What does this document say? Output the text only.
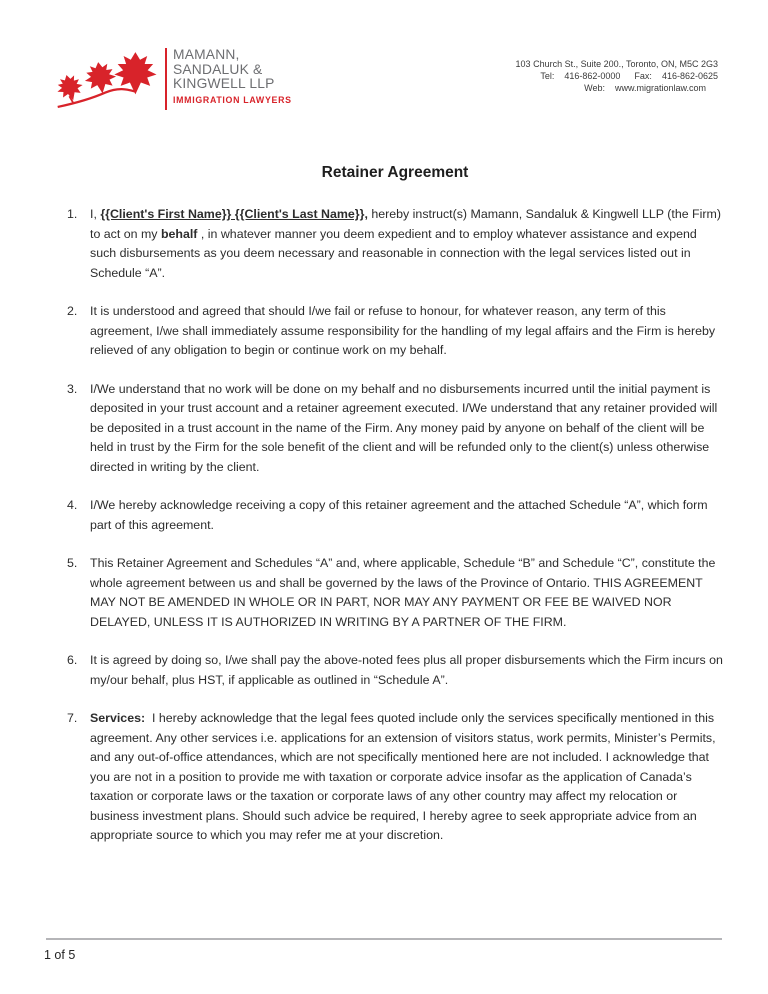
MAMANN,
SANDALUK &
KINGWELL LLP
IMMIGRATION LAWYERS
103 Church St., Suite 200., Toronto, ON, M5C 2G3
Tel: 416-862-0000 Fax: 416-862-0625
Web: www.migrationlaw.com
Retainer Agreement
1.	I, {{Client's First Name}} {{Client's Last Name}}, hereby instruct(s) Mamann, Sandaluk & Kingwell LLP (the Firm) to act on my behalf , in whatever manner you deem expedient and to employ whatever assistance and expend such disbursements as you deem necessary and reasonable in connection with the legal services listed out in Schedule “A”.

2.	It is understood and agreed that should I/we fail or refuse to honour, for whatever reason, any term of this agreement, I/we shall immediately assume responsibility for the handling of my legal affairs and the Firm is hereby relieved of any obligation to begin or continue work on my behalf.

3.	I/We understand that no work will be done on my behalf and no disbursements incurred until the initial payment is deposited in your trust account and a retainer agreement executed. I/We understand that any retainer provided will be deposited in a trust account in the name of the Firm. Any money paid by anyone on behalf of the client will be held in trust by the Firm for the sole benefit of the client and will be refunded only to the client(s) unless otherwise directed in writing by the client.

4.	I/We hereby acknowledge receiving a copy of this retainer agreement and the attached Schedule “A”, which form part of this agreement.

5.	This Retainer Agreement and Schedules “A” and, where applicable, Schedule “B” and Schedule “C”, constitute the whole agreement between us and shall be governed by the laws of the Province of Ontario. THIS AGREEMENT MAY NOT BE AMENDED IN WHOLE OR IN PART, NOR MAY ANY PAYMENT OR FEE BE WAIVED NOR DELAYED, UNLESS IT IS AUTHORIZED IN WRITING BY A PARTNER OF THE FIRM.

6.	It is agreed by doing so, I/we shall pay the above-noted fees plus all proper disbursements which the Firm incurs on my/our behalf, plus HST, if applicable as outlined in “Schedule A”.

7.	Services:  I hereby acknowledge that the legal fees quoted include only the services specifically mentioned in this agreement. Any other services i.e. applications for an extension of visitors status, work permits, Minister’s Permits, and any out-of-office attendances, which are not specifically mentioned here are not included. I acknowledge that you are not in a position to provide me with taxation or corporate advice insofar as the application of Canada’s taxation or corporate laws or the taxation or corporate laws of any other country may affect my relocation or business investment plans. Should such advice be required, I hereby agree to seek appropriate advice from an appropriate source to which you may refer me at your discretion.

1 of 5
